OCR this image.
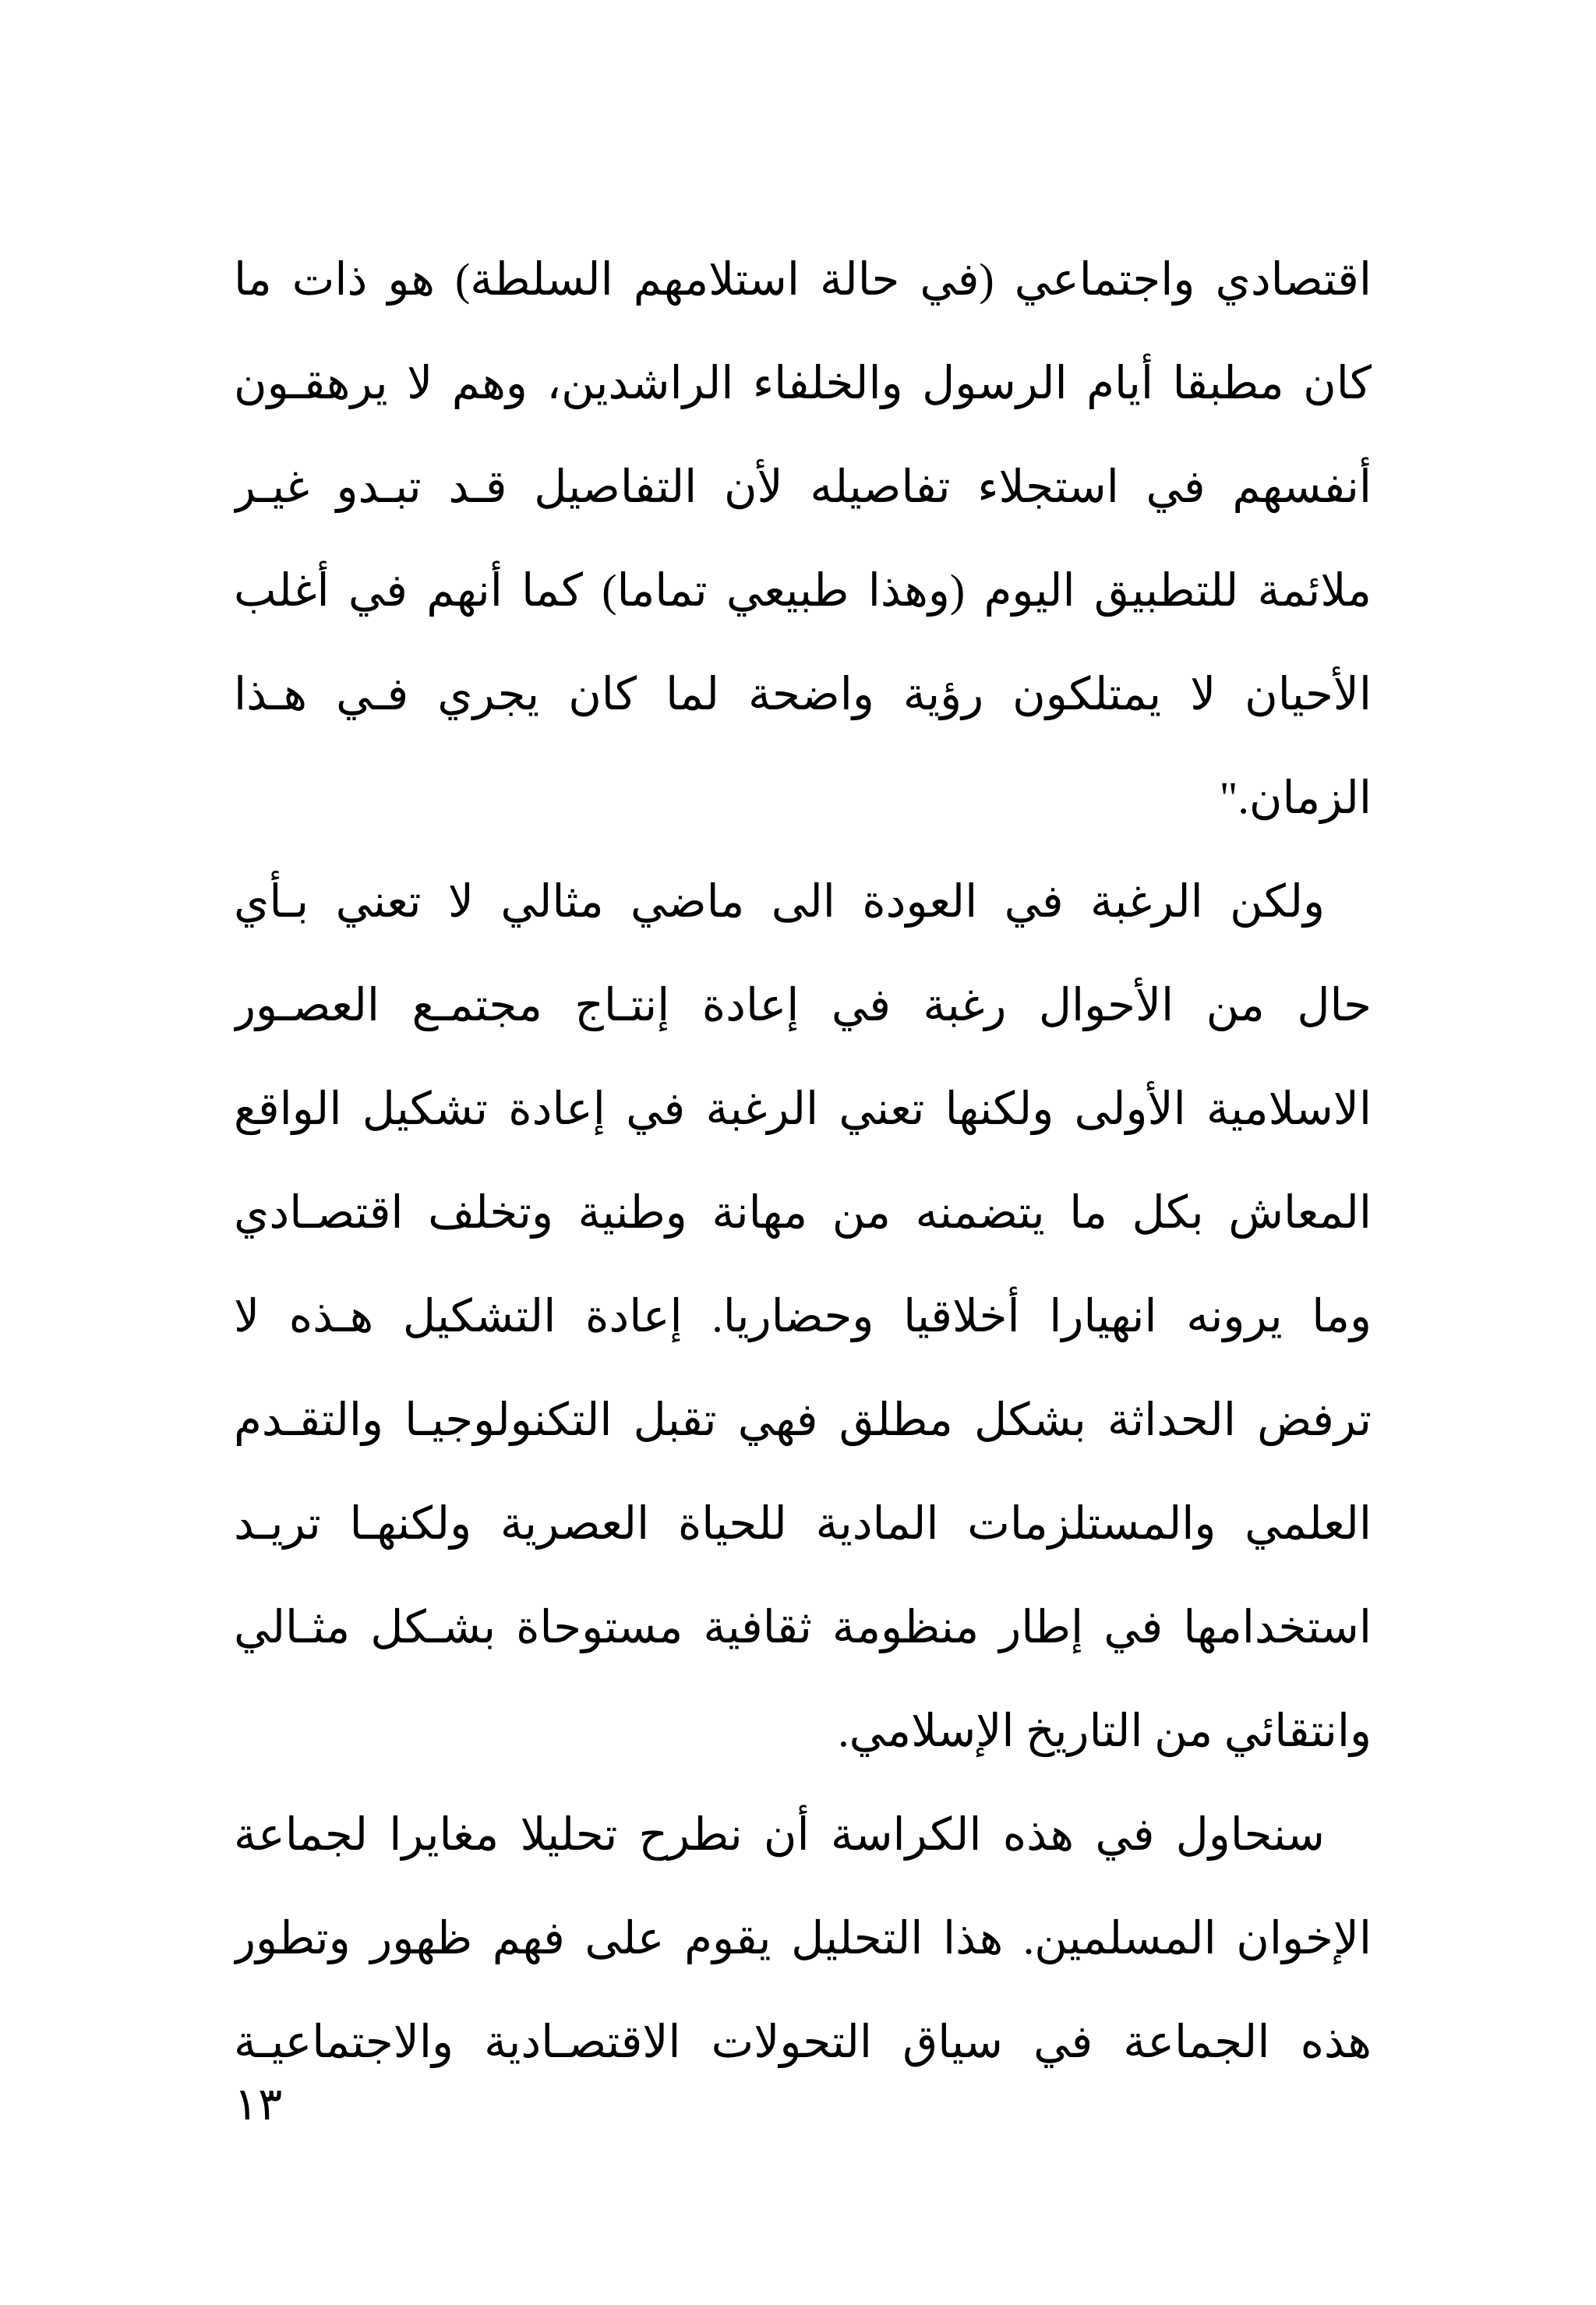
اقتصادي واجتماعي (في حالة استلامهم السلطة) هو ذات ما
كان مطبقا أيام الرسول والخلفاء الراشدين، وهم لا يرهقـون
أنفسهم في استجلاء تفاصيله لأن التفاصيل قـد تبـدو غيـر
ملائمة للتطبيق اليوم (وهذا طبيعي تماما) كما أنهم في أغلب
الأحيان لا يمتلكون رؤية واضحة لما كان يجري فـي هـذا
الزمان."
ولكن الرغبة في العودة الى ماضي مثالي لا تعني بـأي
حال من الأحوال رغبة في إعادة إنتـاج مجتمـع العصـور
الاسلامية الأولى ولكنها تعني الرغبة في إعادة تشكيل الواقع
المعاش بكل ما يتضمنه من مهانة وطنية وتخلف اقتصـادي
وما يرونه انهيارا أخلاقيا وحضاريا. إعادة التشكيل هـذه لا
ترفض الحداثة بشكل مطلق فهي تقبل التكنولوجيـا والتقـدم
العلمي والمستلزمات المادية للحياة العصرية ولكنهـا تريـد
استخدامها في إطار منظومة ثقافية مستوحاة بشـكل مثـالي
وانتقائي من التاريخ الإسلامي.
سنحاول في هذه الكراسة أن نطرح تحليلا مغايرا لجماعة
الإخوان المسلمين. هذا التحليل يقوم على فهم ظهور وتطور
هذه الجماعة في سياق التحولات الاقتصـادية والاجتماعيـة
١٣
